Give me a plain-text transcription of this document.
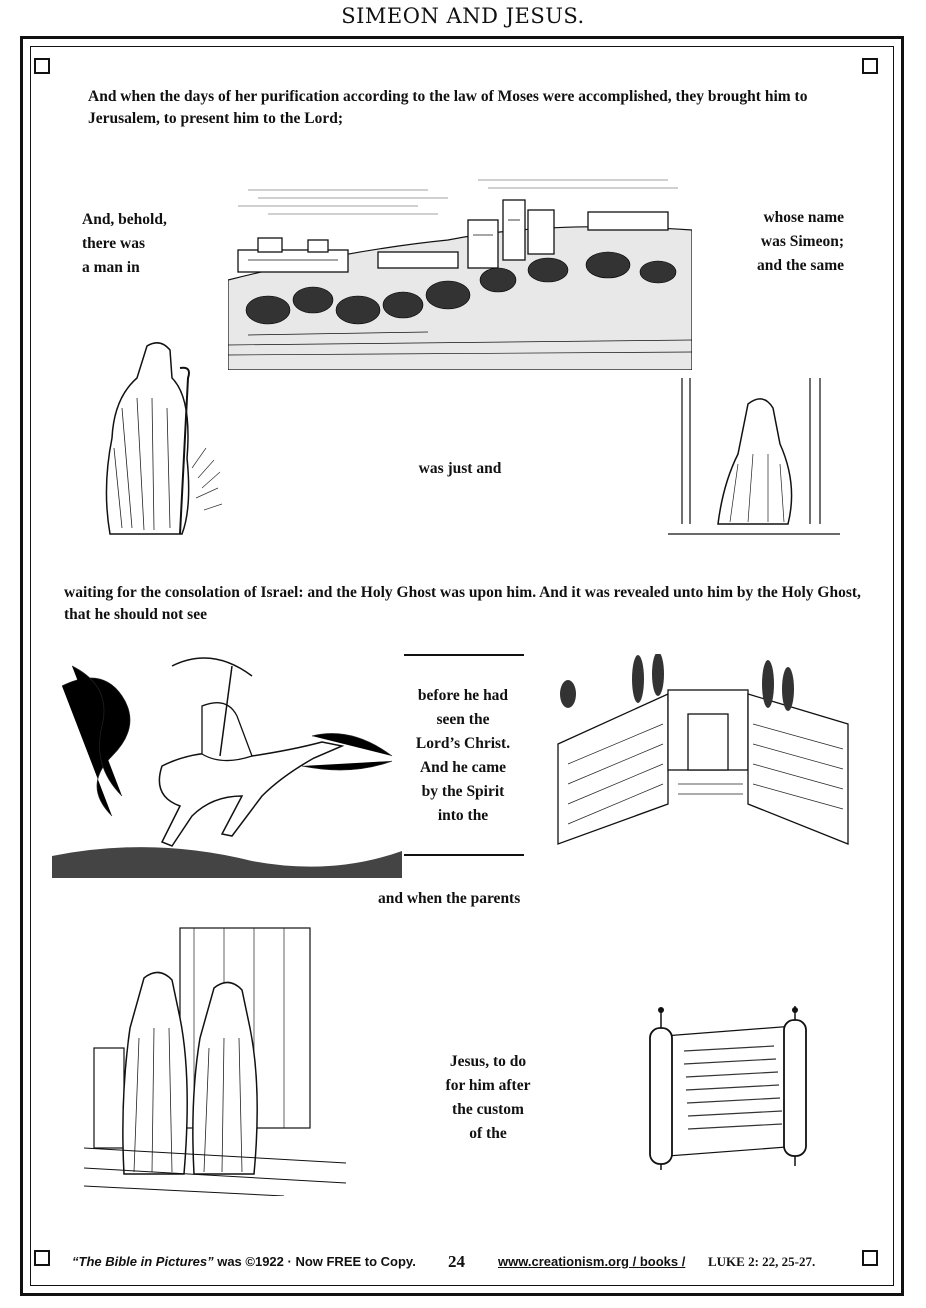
SIMEON AND JESUS.
And when the days of her purification according to the law of Moses were accomplished, they brought him to Jerusalem, to present him to the Lord;
And, behold,
there was
a man in
whose name
was Simeon;
and the same
was just and
waiting for the consolation of Israel: and the Holy Ghost was upon him. And it was revealed unto him by the Holy Ghost, that he should not see
before he had
seen the
Lord’s Christ.
And he came
by the Spirit
into the
and when the parents
Jesus, to do
for him after
the custom
of the
“The Bible in Pictures” was ©1922 · Now FREE to Copy. 24	www.creationism.org / books / LUKE 2: 22, 25-27.
